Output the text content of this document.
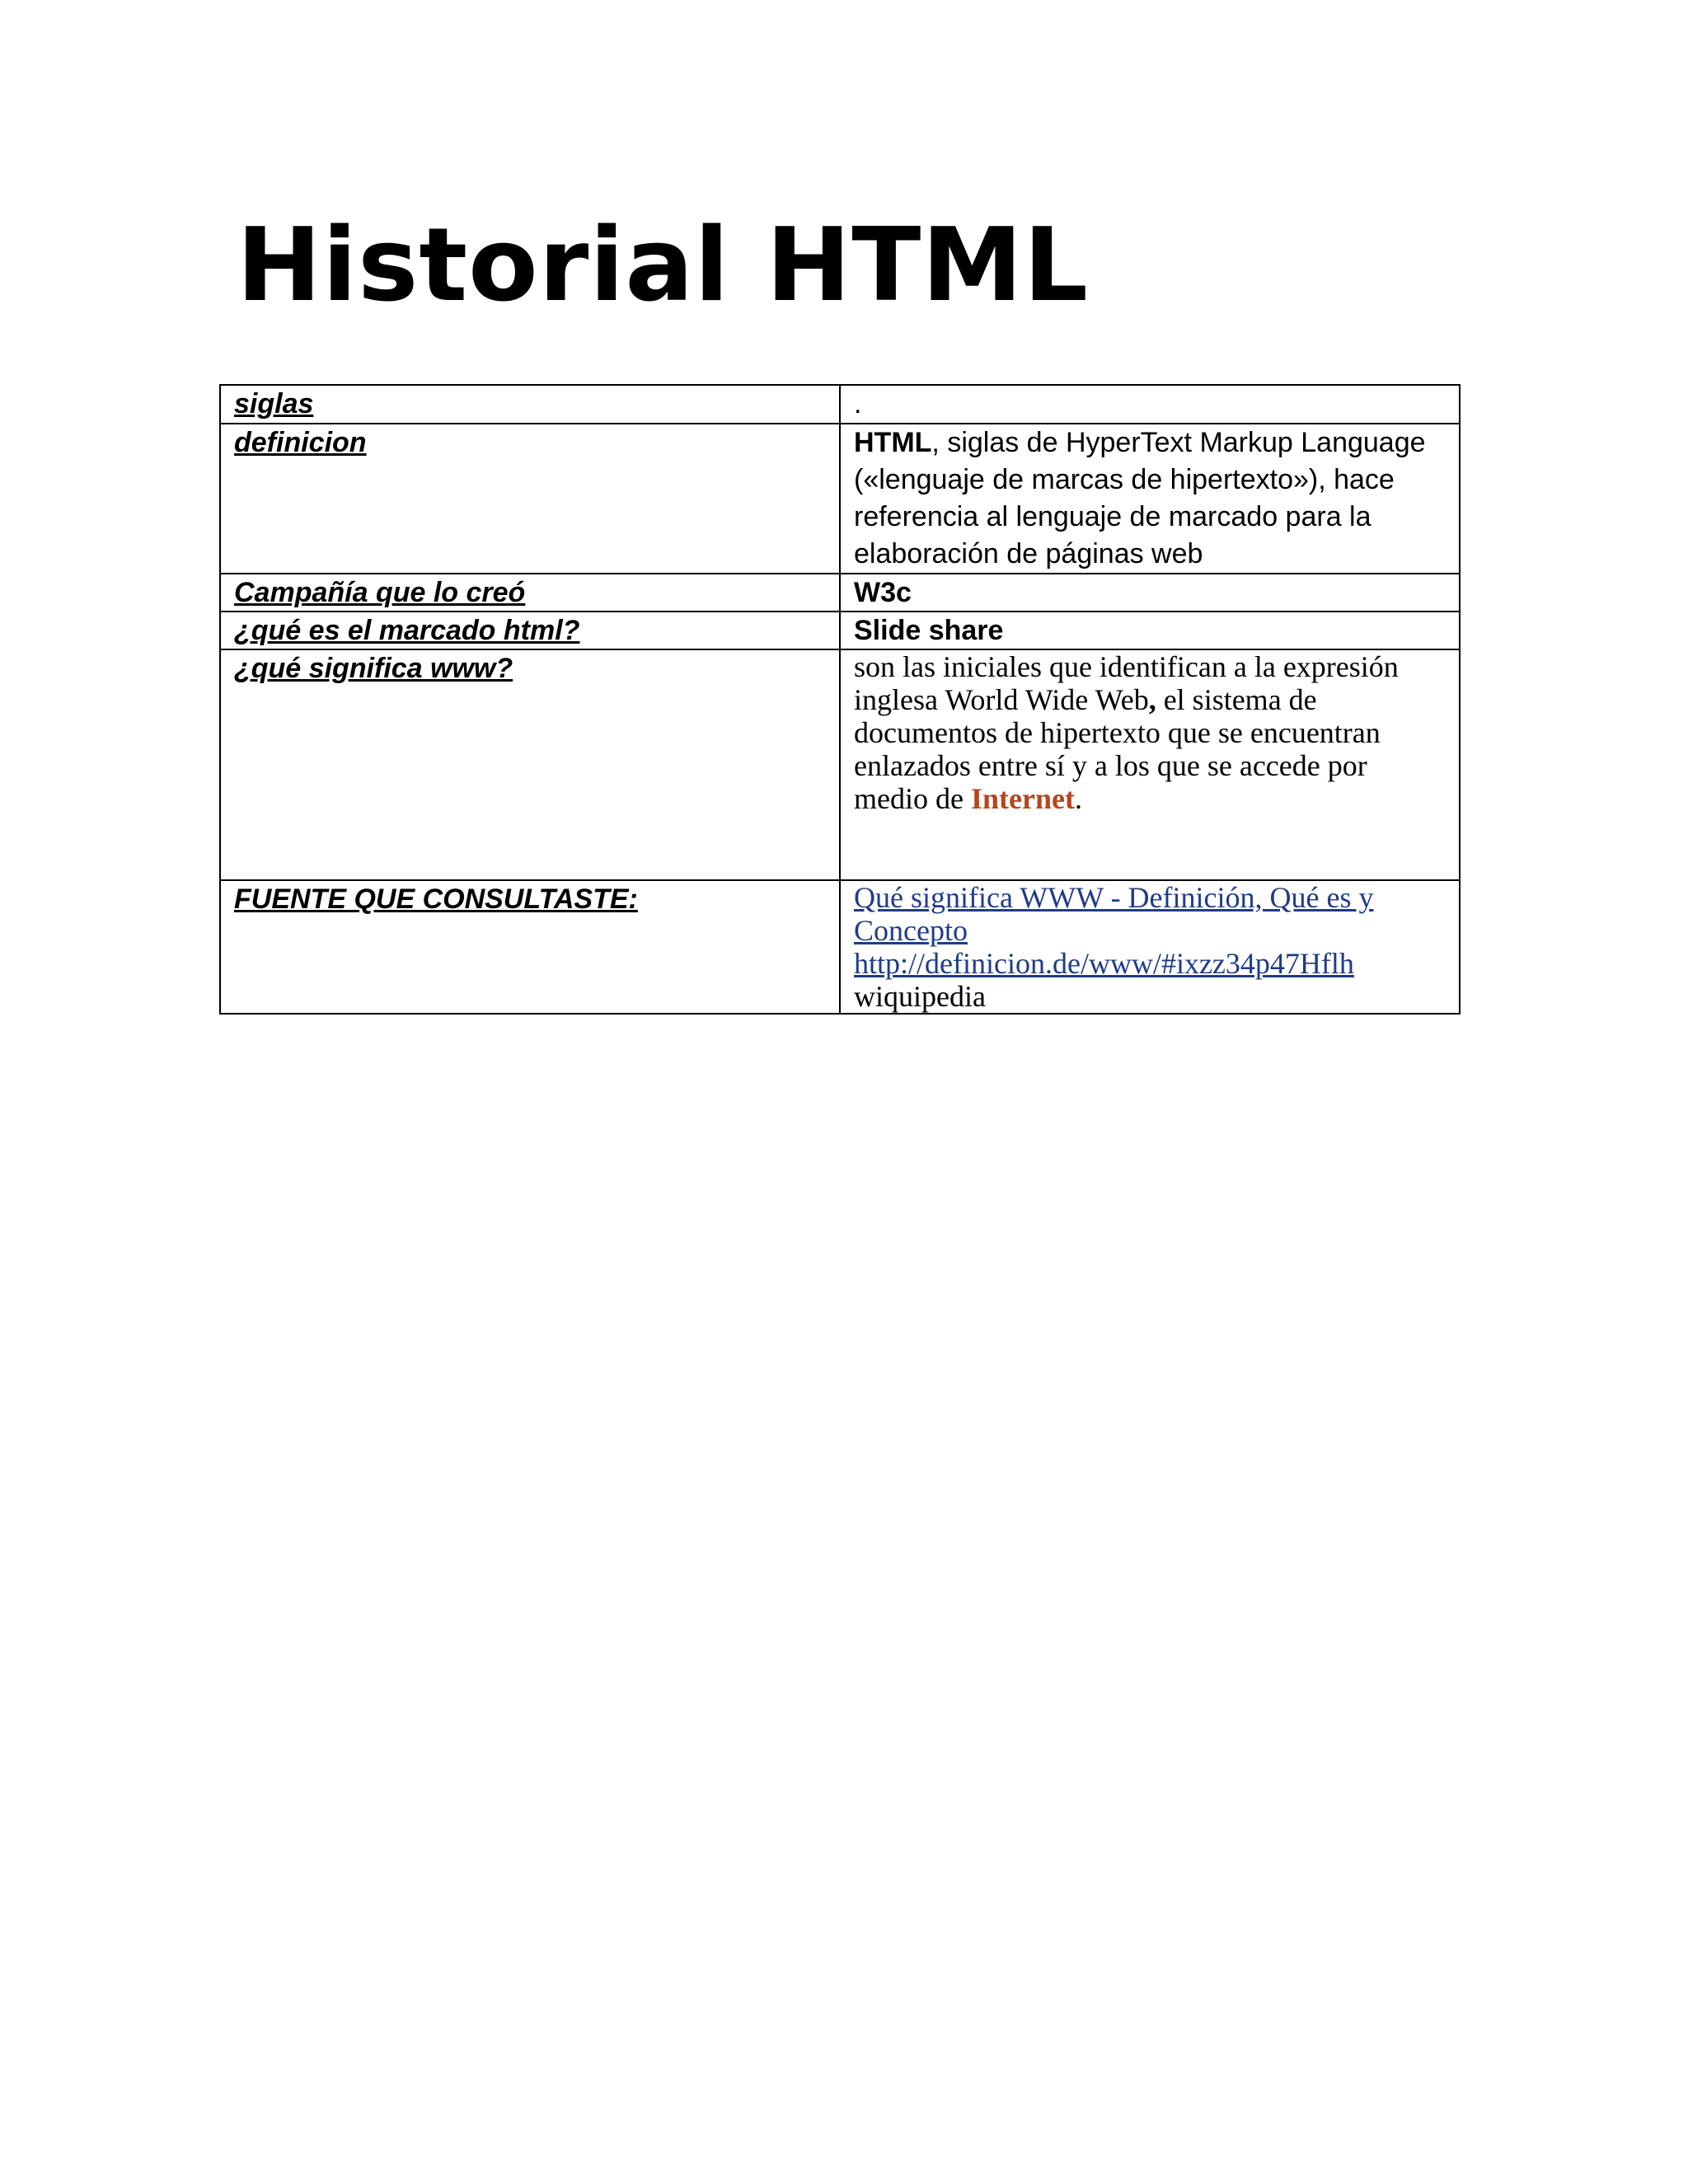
Historial HTML
siglas	.

definicion	HTML, siglas de HyperText Markup Language («lenguaje de marcas de hipertexto»), hace referencia al lenguaje de marcado para la elaboración de páginas web

Campañía que lo creó	W3c

¿qué es el marcado html?	Slide share

¿qué significa www?	son las iniciales que identifican a la expresión inglesa World Wide Web, el sistema de documentos de hipertexto que se encuentran enlazados entre sí y a los que se accede por medio de Internet.

FUENTE QUE CONSULTASTE:	Qué significa WWW - Definición, Qué es y Concepto
http://definicion.de/www/#ixzz34p47Hflh
wiquipedia
